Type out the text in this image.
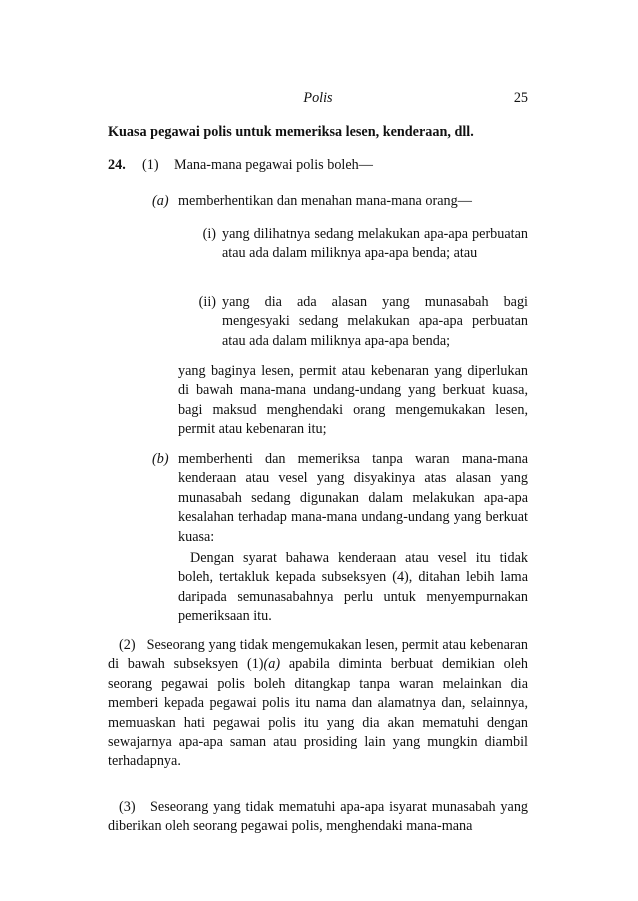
Polis	25
Kuasa pegawai polis untuk memeriksa lesen, kenderaan, dll.
24.	(1)	Mana-mana pegawai polis boleh—
(a) memberhentikan dan menahan mana-mana orang—
(i) yang dilihatnya sedang melakukan apa-apa perbuatan atau ada dalam miliknya apa-apa benda; atau
(ii) yang dia ada alasan yang munasabah bagi mengesyaki sedang melakukan apa-apa perbuatan atau ada dalam miliknya apa-apa benda;
yang baginya lesen, permit atau kebenaran yang diperlukan di bawah mana-mana undang-undang yang berkuat kuasa, bagi maksud menghendaki orang mengemukakan lesen, permit atau kebenaran itu;
(b) memberhenti dan memeriksa tanpa waran mana-mana kenderaan atau vesel yang disyakinya atas alasan yang munasabah sedang digunakan dalam melakukan apa-apa kesalahan terhadap mana-mana undang-undang yang berkuat kuasa:
Dengan syarat bahawa kenderaan atau vesel itu tidak boleh, tertakluk kepada subseksyen (4), ditahan lebih lama daripada semunasabahnya perlu untuk menyempurnakan pemeriksaan itu.
(2) Seseorang yang tidak mengemukakan lesen, permit atau kebenaran di bawah subseksyen (1)(a) apabila diminta berbuat demikian oleh seorang pegawai polis boleh ditangkap tanpa waran melainkan dia memberi kepada pegawai polis itu nama dan alamatnya dan, selainnya, memuaskan hati pegawai polis itu yang dia akan mematuhi dengan sewajarnya apa-apa saman atau prosiding lain yang mungkin diambil terhadapnya.
(3) Seseorang yang tidak mematuhi apa-apa isyarat munasabah yang diberikan oleh seorang pegawai polis, menghendaki mana-mana
